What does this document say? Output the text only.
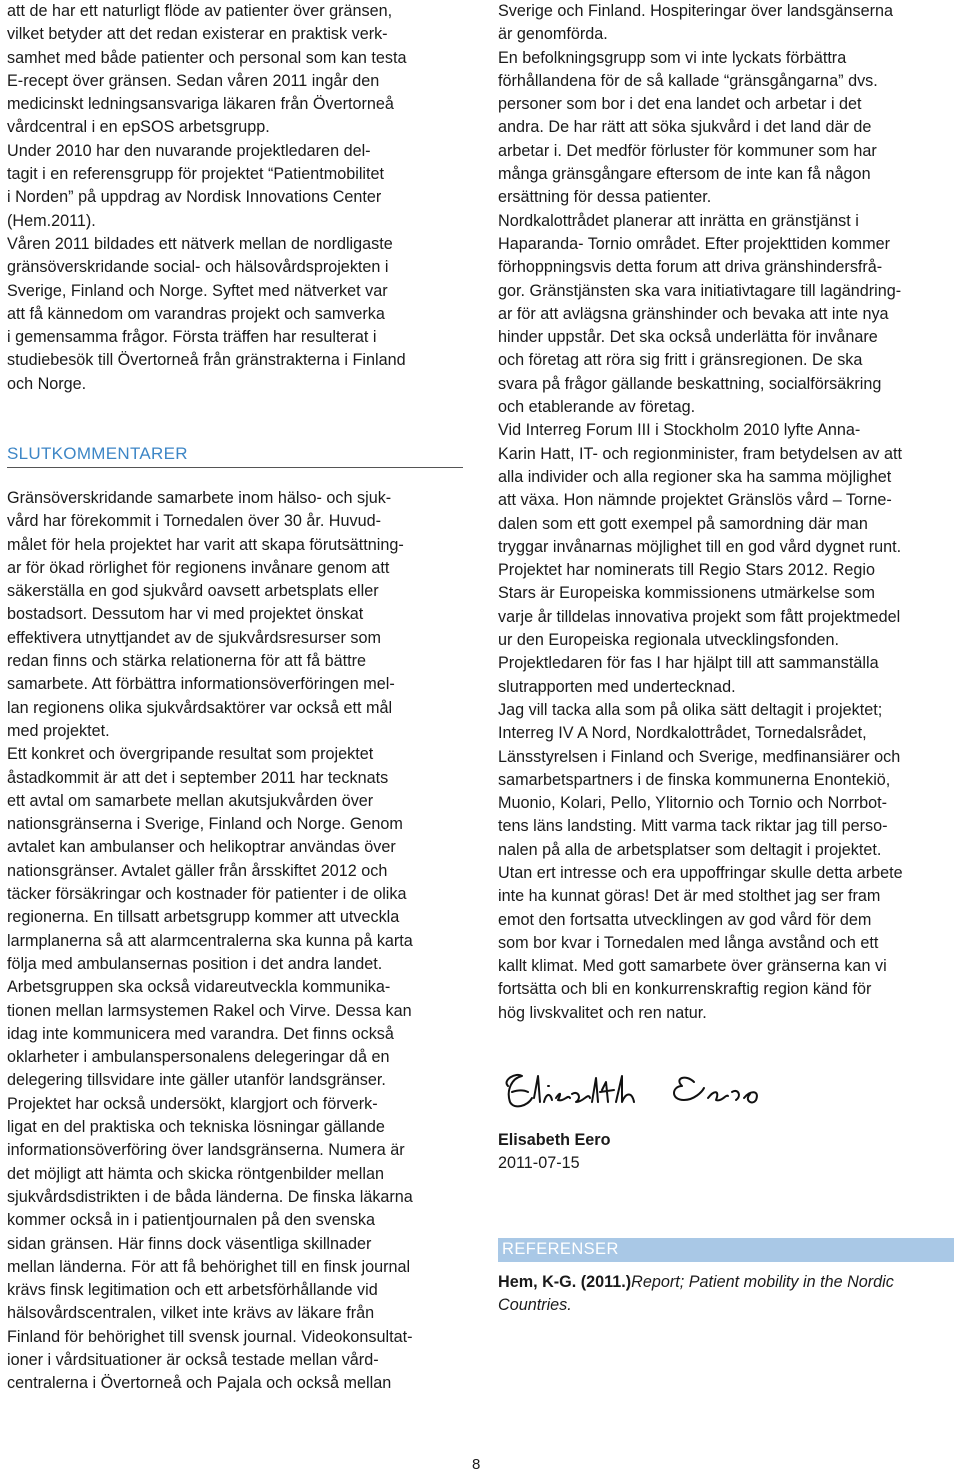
att de har ett naturligt flöde av patienter över gränsen,
vilket betyder att det redan existerar en praktisk verk-
samhet med både patienter och personal som kan testa
E-recept över gränsen. Sedan våren 2011 ingår den
medicinskt ledningsansvariga läkaren från Övertorneå
vårdcentral i en epSOS arbetsgrupp.
Under 2010 har den nuvarande projektledaren del-
tagit i en referensgrupp för projektet “Patientmobilitet
i Norden” på uppdrag av Nordisk Innovations Center
(Hem.2011).
Våren 2011 bildades ett nätverk mellan de nordligaste
gränsöverskridande social- och hälsovårdsprojekten i
Sverige, Finland och Norge. Syftet med nätverket var
att få kännedom om varandras projekt och samverka
i gemensamma frågor. Första träffen har resulterat i
studiebesök till Övertorneå från gränstrakterna i Finland
och Norge.
SLUTKOMMENTARER
Gränsöverskridande samarbete inom hälso- och sjuk-
vård har förekommit i Tornedalen över 30 år. Huvud-
målet för hela projektet har varit att skapa förutsättning-
ar för ökad rörlighet för regionens invånare genom att
säkerställa en god sjukvård oavsett arbetsplats eller
bostadsort. Dessutom har vi med projektet önskat
effektivera utnyttjandet av de sjukvårdsresurser som
redan finns och stärka relationerna för att få bättre
samarbete. Att förbättra informationsöverföringen mel-
lan regionens olika sjukvårdsaktörer var också ett mål
med projektet.
Ett konkret och övergripande resultat som projektet
åstadkommit är att det i september 2011 har tecknats
ett avtal om samarbete mellan akutsjukvården över
nationsgränserna i Sverige, Finland och Norge. Genom
avtalet kan ambulanser och helikoptrar användas över
nationsgränser. Avtalet gäller från årsskiftet 2012 och
täcker försäkringar och kostnader för patienter i de olika
regionerna. En tillsatt arbetsgrupp kommer att utveckla
larmplanerna så att alarmcentralerna ska kunna på karta
följa med ambulansernas position i det andra landet.
Arbetsgruppen ska också vidareutveckla kommunika-
tionen mellan larmsystemen Rakel och Virve. Dessa kan
idag inte kommunicera med varandra. Det finns också
oklarheter i ambulanspersonalens delegeringar då en
delegering tillsvidare inte gäller utanför landsgränser.
Projektet har också undersökt, klargjort och förverk-
ligat en del praktiska och tekniska lösningar gällande
informationsöverföring över landsgränserna. Numera är
det möjligt att hämta och skicka röntgenbilder mellan
sjukvårdsdistrikten i de båda länderna. De finska läkarna
kommer också in i patientjournalen på den svenska
sidan gränsen. Här finns dock väsentliga skillnader
mellan länderna. För att få behörighet till en finsk journal
krävs finsk legitimation och ett arbetsförhållande vid
hälsovårdscentralen, vilket inte krävs av läkare från
Finland för behörighet till svensk journal. Videokonsultat-
ioner i vårdsituationer är också testade mellan vård-
centralerna i Övertorneå och Pajala och också mellan
Sverige och Finland. Hospiteringar över landsgänserna
är genomförda.
En befolkningsgrupp som vi inte lyckats förbättra
förhållandena för de så kallade “gränsgångarna” dvs.
personer som bor i det ena landet och arbetar i det
andra. De har rätt att söka sjukvård i det land där de
arbetar i. Det medför förluster för kommuner som har
många gränsgångare eftersom de inte kan få någon
ersättning för dessa patienter.
Nordkalottrådet planerar att inrätta en gränstjänst i
Haparanda- Tornio området. Efter projekttiden kommer
förhoppningsvis detta forum att driva gränshindersfrå-
gor. Gränstjänsten ska vara initiativtagare till lagändring-
ar för att avlägsna gränshinder och bevaka att inte nya
hinder uppstår. Det ska också underlätta för invånare
och företag att röra sig fritt i gränsregionen. De ska
svara på frågor gällande beskattning, socialförsäkring
och etablerande av företag.
Vid Interreg Forum III i Stockholm 2010 lyfte Anna-
Karin Hatt, IT- och regionminister, fram betydelsen av att
alla individer och alla regioner ska ha samma möjlighet
att växa. Hon nämnde projektet Gränslös vård – Torne-
dalen som ett gott exempel på samordning där man
tryggar invånarnas möjlighet till en god vård dygnet runt.
Projektet har nominerats till Regio Stars 2012. Regio
Stars är Europeiska kommissionens utmärkelse som
varje år tilldelas innovativa projekt som fått projektmedel
ur den Europeiska regionala utvecklingsfonden.
Projektledaren för fas I har hjälpt till att sammanställa
slutrapporten med undertecknad.
Jag vill tacka alla som på olika sätt deltagit i projektet;
Interreg IV A Nord, Nordkalottrådet, Tornedalsrådet,
Länsstyrelsen i Finland och Sverige, medfinansiärer och
samarbetspartners i de finska kommunerna Enontekiö,
Muonio, Kolari, Pello, Ylitornio och Tornio och Norrbot-
tens läns landsting. Mitt varma tack riktar jag till perso-
nalen på alla de arbetsplatser som deltagit i projektet.
Utan ert intresse och era uppoffringar skulle detta arbete
inte ha kunnat göras! Det är med stolthet jag ser fram
emot den fortsatta utvecklingen av god vård för dem
som bor kvar i Tornedalen med långa avstånd och ett
kallt klimat. Med gott samarbete över gränserna kan vi
fortsätta och bli en konkurrenskraftig region känd för
hög livskvalitet och ren natur.
Elisabeth Eero
2011-07-15
REFERENSER
Hem, K-G. (2011.)Report; Patient mobility in the Nordic
Countries.
8
